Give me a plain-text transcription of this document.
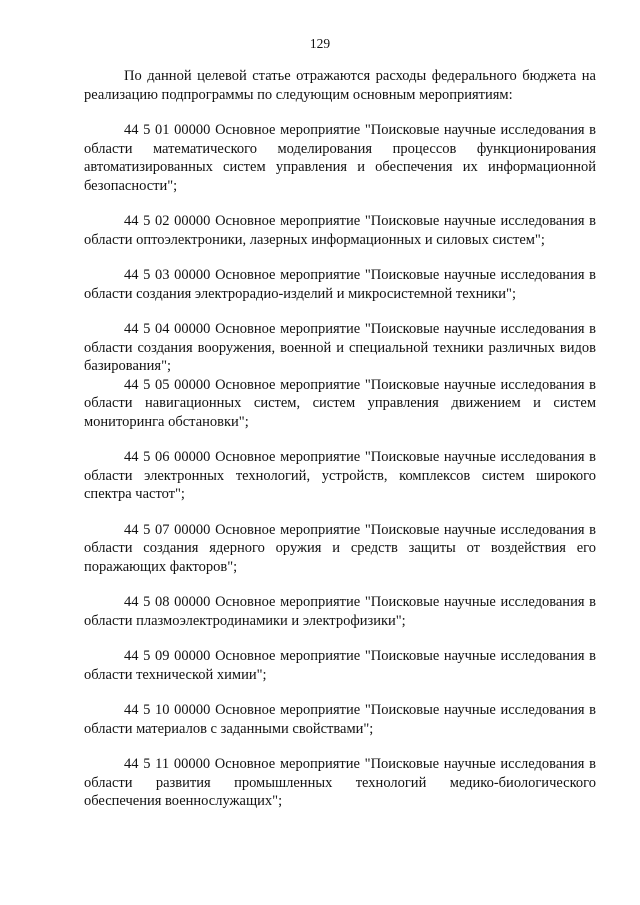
129

По данной целевой статье отражаются расходы федерального бюджета на реализацию подпрограммы по следующим основным мероприятиям:

44 5 01 00000 Основное мероприятие "Поисковые научные исследования в области математического моделирования процессов функционирования автоматизированных систем управления и обеспечения их информационной безопасности";

44 5 02 00000 Основное мероприятие "Поисковые научные исследования в области оптоэлектроники, лазерных информационных и силовых систем";

44 5 03 00000 Основное мероприятие "Поисковые научные исследования в области создания электрорадио-изделий и микросистемной техники";

44 5 04 00000 Основное мероприятие "Поисковые научные исследования в области создания вооружения, военной и специальной техники различных видов базирования";

44 5 05 00000 Основное мероприятие "Поисковые научные исследования в области навигационных систем, систем управления движением и систем мониторинга обстановки";

44 5 06 00000 Основное мероприятие "Поисковые научные исследования в области электронных технологий, устройств, комплексов систем широкого спектра частот";

44 5 07 00000 Основное мероприятие "Поисковые научные исследования в области создания ядерного оружия и средств защиты от воздействия его поражающих факторов";

44 5 08 00000 Основное мероприятие "Поисковые научные исследования в области плазмоэлектродинамики и электрофизики";

44 5 09 00000 Основное мероприятие "Поисковые научные исследования в области технической химии";

44 5 10 00000 Основное мероприятие "Поисковые научные исследования в области материалов с заданными свойствами";

44 5 11 00000 Основное мероприятие "Поисковые научные исследования в области развития промышленных технологий медико-биологического обеспечения военнослужащих";
